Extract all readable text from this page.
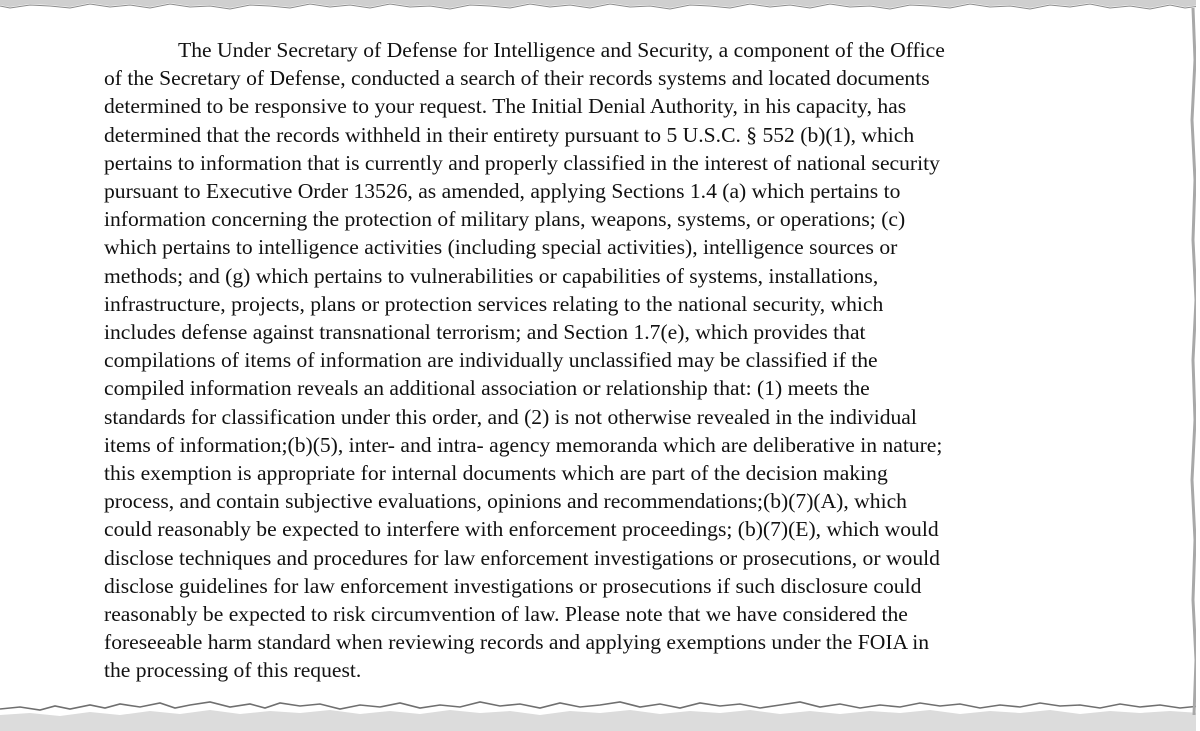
The Under Secretary of Defense for Intelligence and Security, a component of the Office
of the Secretary of Defense, conducted a search of their records systems and located documents
determined to be responsive to your request. The Initial Denial Authority, in his capacity, has
determined that the records withheld in their entirety pursuant to 5 U.S.C. § 552 (b)(1), which
pertains to information that is currently and properly classified in the interest of national security
pursuant to Executive Order 13526, as amended, applying Sections 1.4 (a) which pertains to
information concerning the protection of military plans, weapons, systems, or operations; (c)
which pertains to intelligence activities (including special activities), intelligence sources or
methods; and (g) which pertains to vulnerabilities or capabilities of systems, installations,
infrastructure, projects, plans or protection services relating to the national security, which
includes defense against transnational terrorism; and Section 1.7(e), which provides that
compilations of items of information are individually unclassified may be classified if the
compiled information reveals an additional association or relationship that: (1) meets the
standards for classification under this order, and (2) is not otherwise revealed in the individual
items of information;(b)(5), inter- and intra- agency memoranda which are deliberative in nature;
this exemption is appropriate for internal documents which are part of the decision making
process, and contain subjective evaluations, opinions and recommendations;(b)(7)(A), which
could reasonably be expected to interfere with enforcement proceedings; (b)(7)(E), which would
disclose techniques and procedures for law enforcement investigations or prosecutions, or would
disclose guidelines for law enforcement investigations or prosecutions if such disclosure could
reasonably be expected to risk circumvention of law. Please note that we have considered the
foreseeable harm standard when reviewing records and applying exemptions under the FOIA in
the processing of this request.
